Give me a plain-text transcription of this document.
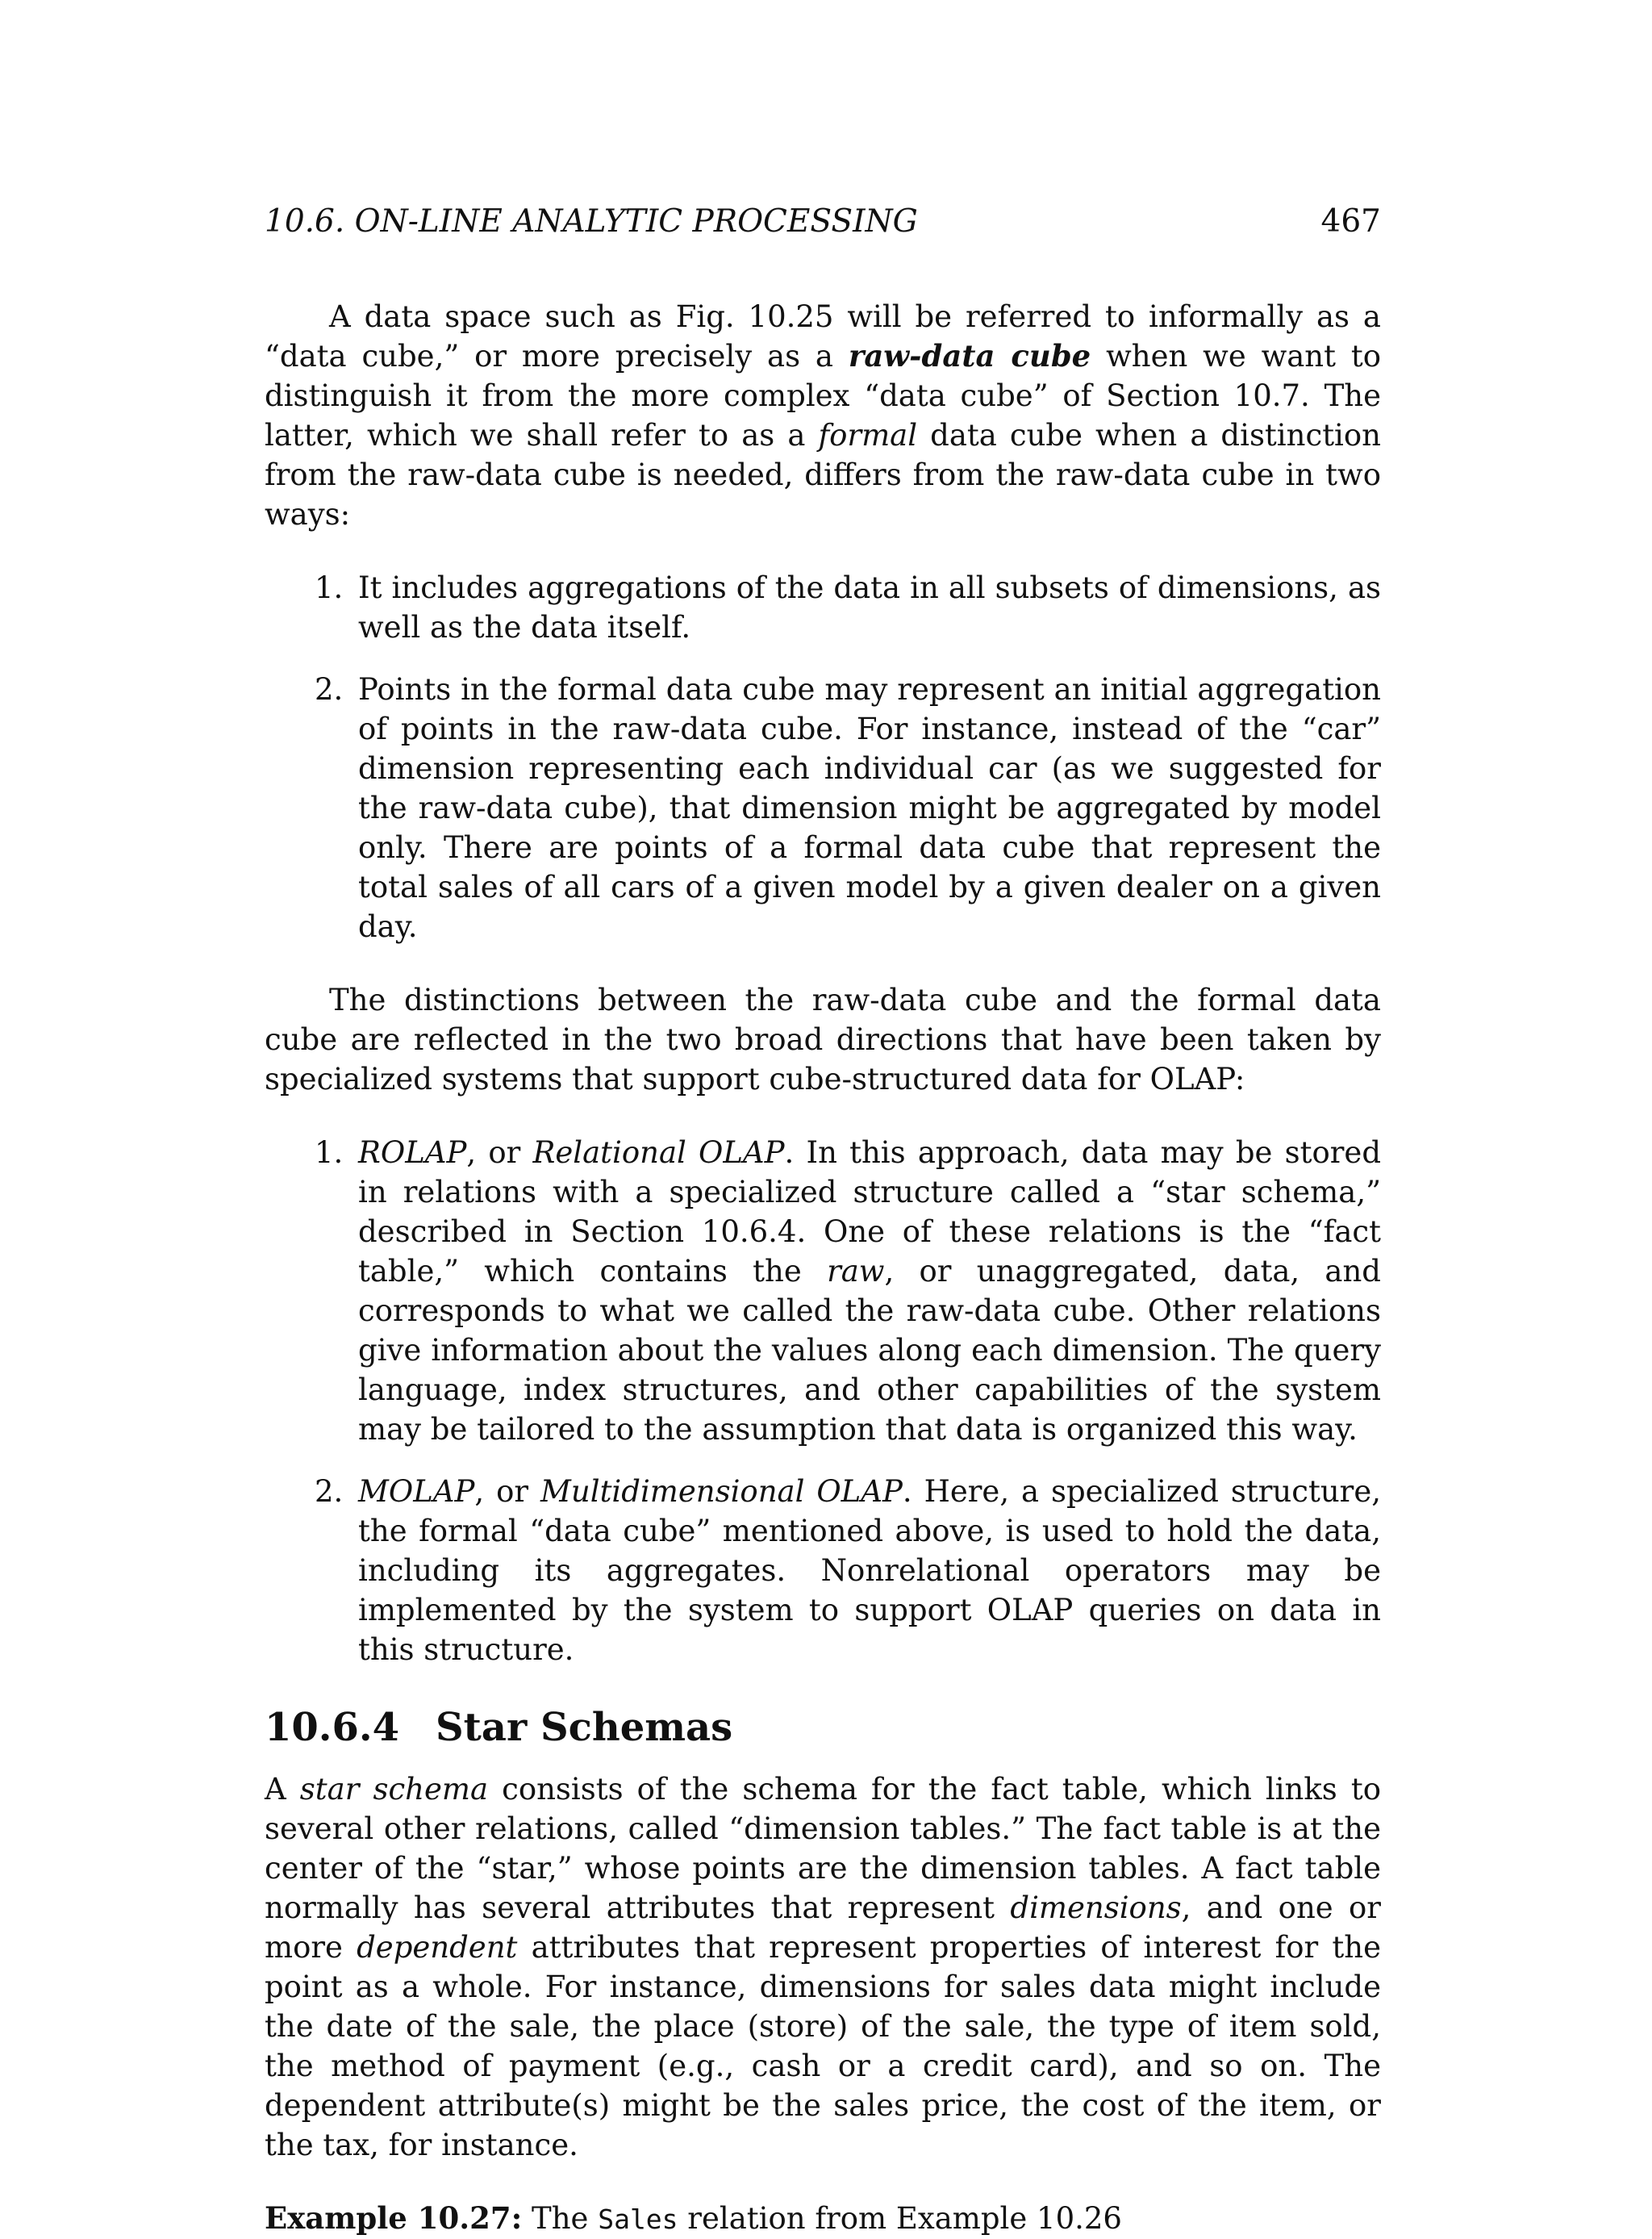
10.6. ON-LINE ANALYTIC PROCESSING	467

A data space such as Fig. 10.25 will be referred to informally as a “data cube,” or more precisely as a raw-data cube when we want to distinguish it from the more complex “data cube” of Section 10.7. The latter, which we shall refer to as a formal data cube when a distinction from the raw-data cube is needed, differs from the raw-data cube in two ways:

1. It includes aggregations of the data in all subsets of dimensions, as well as the data itself.
2. Points in the formal data cube may represent an initial aggregation of points in the raw-data cube. For instance, instead of the “car” dimension representing each individual car (as we suggested for the raw-data cube), that dimension might be aggregated by model only. There are points of a formal data cube that represent the total sales of all cars of a given model by a given dealer on a given day.

The distinctions between the raw-data cube and the formal data cube are reflected in the two broad directions that have been taken by specialized systems that support cube-structured data for OLAP:

1. ROLAP, or Relational OLAP. In this approach, data may be stored in relations with a specialized structure called a “star schema,” described in Section 10.6.4. One of these relations is the “fact table,” which contains the raw, or unaggregated, data, and corresponds to what we called the raw-data cube. Other relations give information about the values along each dimension. The query language, index structures, and other capabilities of the system may be tailored to the assumption that data is organized this way.
2. MOLAP, or Multidimensional OLAP. Here, a specialized structure, the formal “data cube” mentioned above, is used to hold the data, including its aggregates. Nonrelational operators may be implemented by the system to support OLAP queries on data in this structure.
10.6.4 Star Schemas

A star schema consists of the schema for the fact table, which links to several other relations, called “dimension tables.” The fact table is at the center of the “star,” whose points are the dimension tables. A fact table normally has several attributes that represent dimensions, and one or more dependent attributes that represent properties of interest for the point as a whole. For instance, dimensions for sales data might include the date of the sale, the place (store) of the sale, the type of item sold, the method of payment (e.g., cash or a credit card), and so on. The dependent attribute(s) might be the sales price, the cost of the item, or the tax, for instance.

Example 10.27: The Sales relation from Example 10.26
